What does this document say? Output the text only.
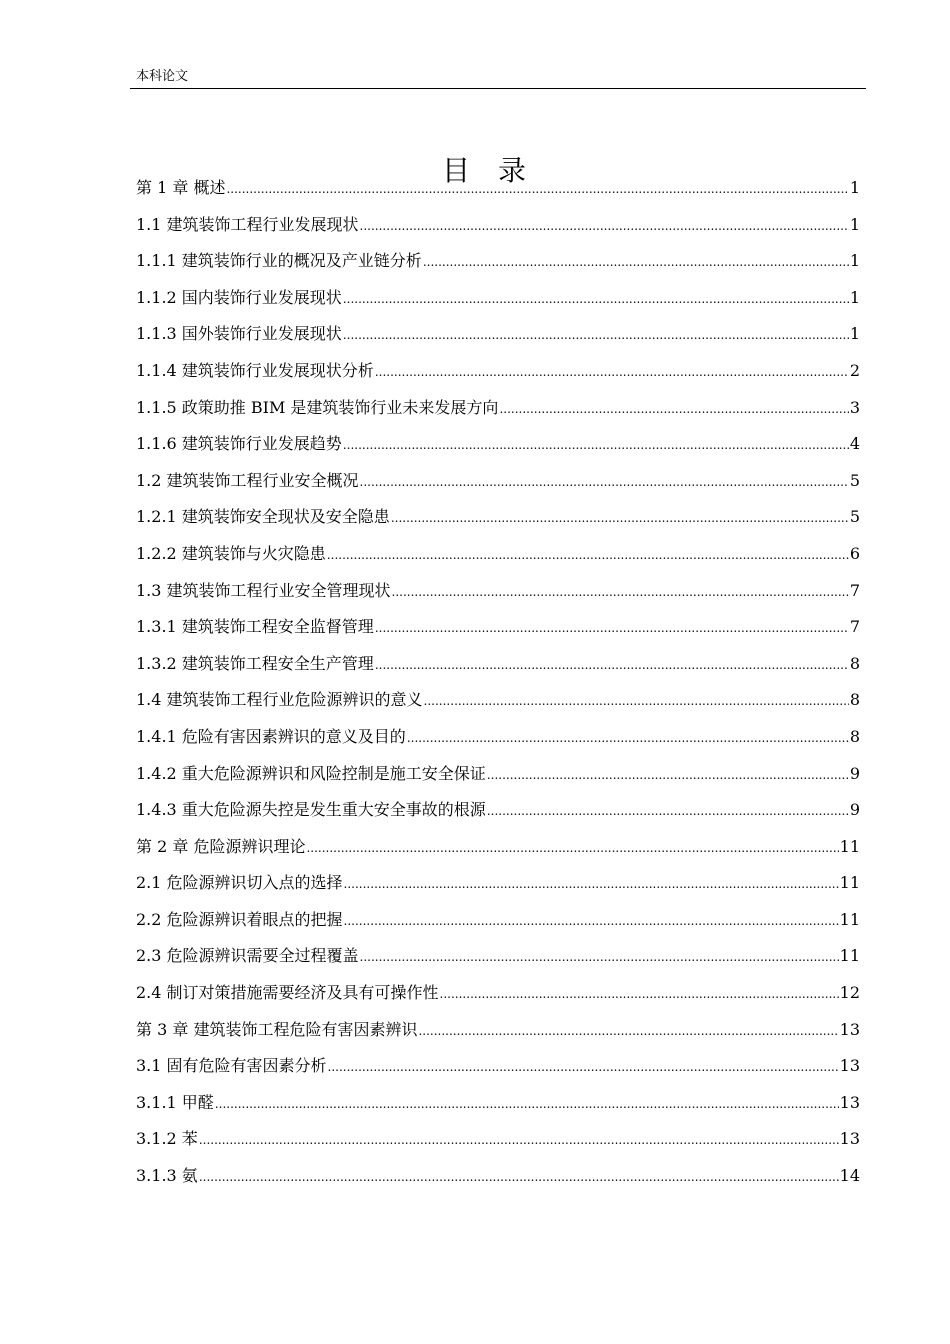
本科论文
目录
第 1 章 概述 .....	1
1.1 建筑装饰工程行业发展现状 .....	1
1.1.1 建筑装饰行业的概况及产业链分析 .....	1
1.1.2 国内装饰行业发展现状 .....	1
1.1.3 国外装饰行业发展现状 .....	1
1.1.4 建筑装饰行业发展现状分析 .....	2
1.1.5 政策助推 BIM 是建筑装饰行业未来发展方向 .....	3
1.1.6 建筑装饰行业发展趋势 .....	4
1.2 建筑装饰工程行业安全概况 .....	5
1.2.1 建筑装饰安全现状及安全隐患 .....	5
1.2.2 建筑装饰与火灾隐患 .....	6
1.3 建筑装饰工程行业安全管理现状 .....	7
1.3.1 建筑装饰工程安全监督管理 .....	7
1.3.2 建筑装饰工程安全生产管理 .....	8
1.4 建筑装饰工程行业危险源辨识的意义 .....	8
1.4.1 危险有害因素辨识的意义及目的 .....	8
1.4.2 重大危险源辨识和风险控制是施工安全保证 .....	9
1.4.3 重大危险源失控是发生重大安全事故的根源 .....	9
第 2 章 危险源辨识理论 .....	11
2.1 危险源辨识切入点的选择 .....	11
2.2 危险源辨识着眼点的把握 .....	11
2.3 危险源辨识需要全过程覆盖 .....	11
2.4 制订对策措施需要经济及具有可操作性 .....	12
第 3 章 建筑装饰工程危险有害因素辨识 .....	13
3.1 固有危险有害因素分析 .....	13
3.1.1 甲醛 .....	13
3.1.2 苯 .....	13
3.1.3 氨 .....	14
